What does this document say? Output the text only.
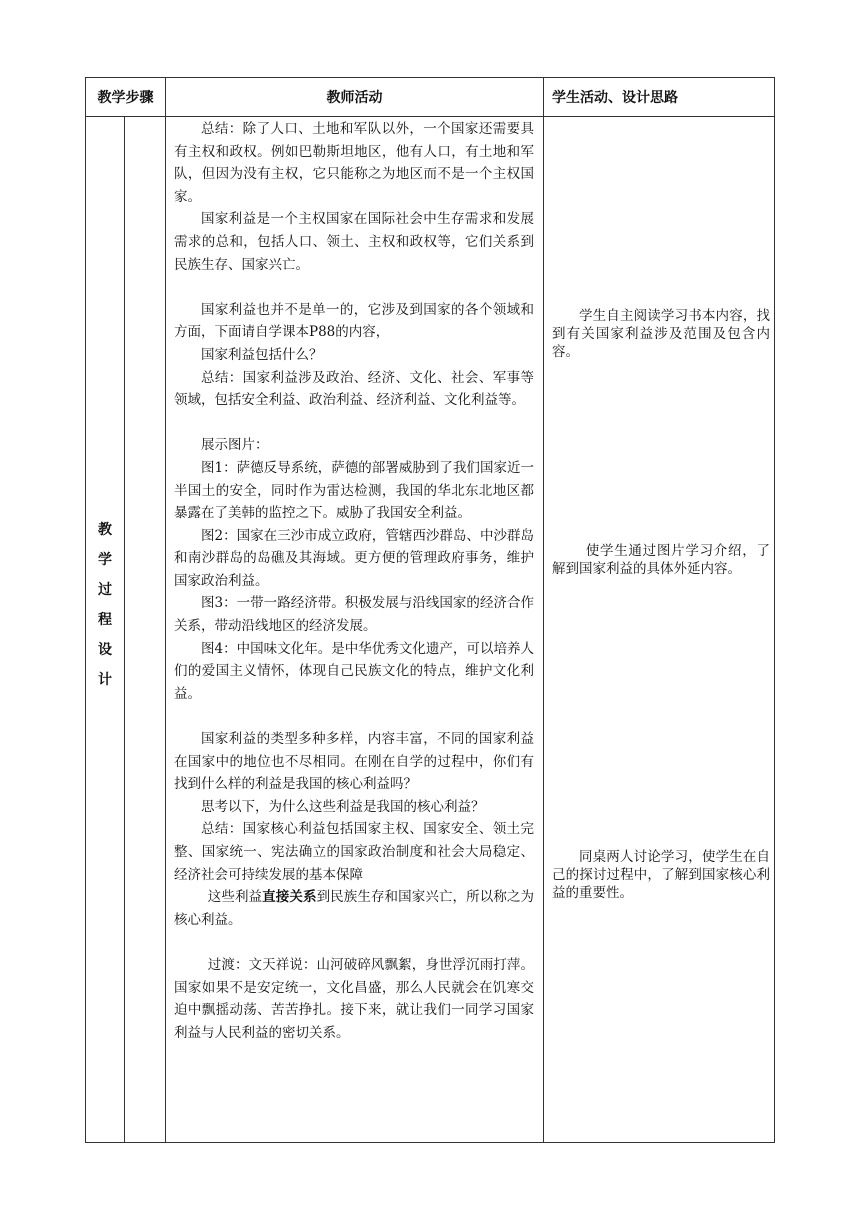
教学步骤	教师活动	学生活动、设计思路
教
学
过
程
设
计

总结：除了人口、土地和军队以外，一个国家还需要具有主权和政权。例如巴勒斯坦地区，他有人口，有土地和军队，但因为没有主权，它只能称之为地区而不是一个主权国家。

国家利益是一个主权国家在国际社会中生存需求和发展需求的总和，包括人口、领土、主权和政权等，它们关系到民族生存、国家兴亡。

国家利益也并不是单一的，它涉及到国家的各个领域和方面，下面请自学课本P88的内容，

国家利益包括什么？

总结：国家利益涉及政治、经济、文化、社会、军事等领域，包括安全利益、政治利益、经济利益、文化利益等。

展示图片：

图1：萨德反导系统，萨德的部署威胁到了我们国家近一半国土的安全，同时作为雷达检测，我国的华北东北地区都暴露在了美韩的监控之下。威胁了我国安全利益。

图2：国家在三沙市成立政府，管辖西沙群岛、中沙群岛和南沙群岛的岛礁及其海域。更方便的管理政府事务，维护国家政治利益。

图3：一带一路经济带。积极发展与沿线国家的经济合作关系，带动沿线地区的经济发展。

图4：中国味文化年。是中华优秀文化遗产，可以培养人们的爱国主义情怀，体现自己民族文化的特点，维护文化利益。

国家利益的类型多种多样，内容丰富，不同的国家利益在国家中的地位也不尽相同。在刚在自学的过程中，你们有找到什么样的利益是我国的核心利益吗？

思考以下，为什么这些利益是我国的核心利益？

总结：国家核心利益包括国家主权、国家安全、领土完整、国家统一、宪法确立的国家政治制度和社会大局稳定、经济社会可持续发展的基本保障

这些利益直接关系到民族生存和国家兴亡，所以称之为核心利益。

过渡：文天祥说：山河破碎风飘絮，身世浮沉雨打萍。国家如果不是安定统一，文化昌盛，那么人民就会在饥寒交迫中飘摇动荡、苦苦挣扎。接下来，就让我们一同学习国家利益与人民利益的密切关系。

学生自主阅读学习书本内容，找到有关国家利益涉及范围及包含内容。
使学生通过图片学习介绍，了解到国家利益的具体外延内容。
同桌两人讨论学习，使学生在自己的探讨过程中，了解到国家核心利益的重要性。
